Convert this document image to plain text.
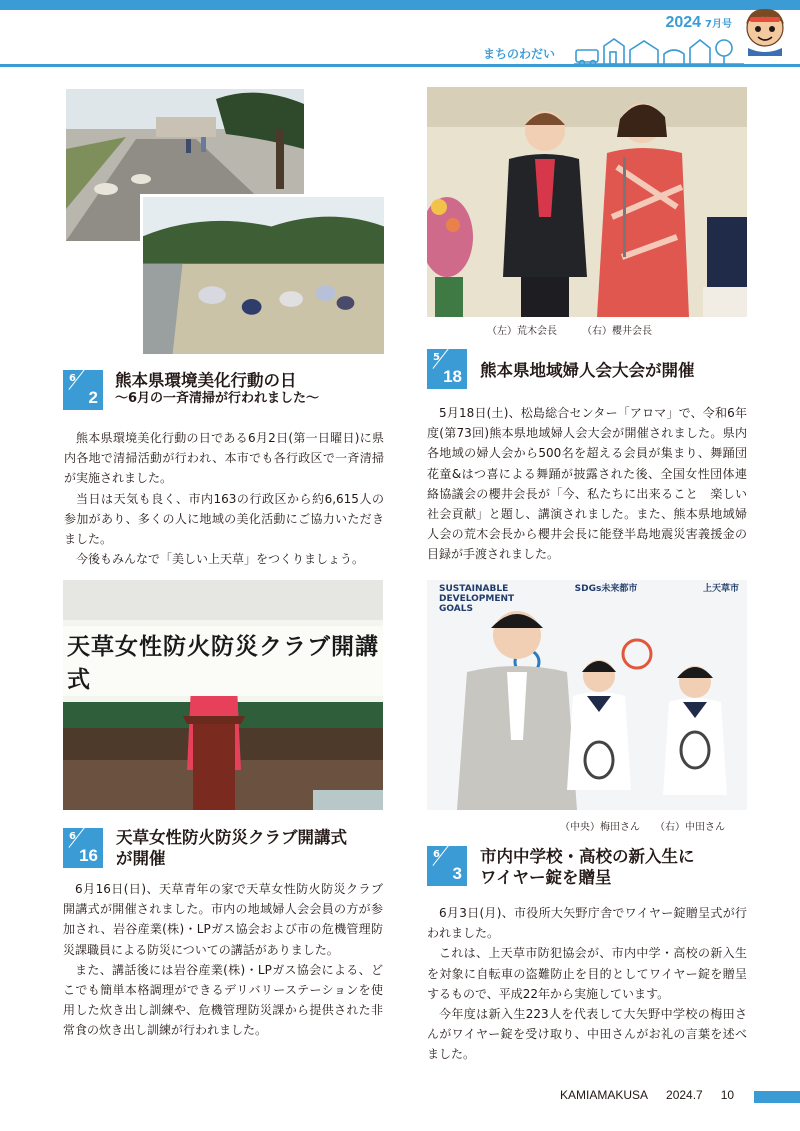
2024 7月号
まちのわだい
6
2
熊本県環境美化行動の日
～6月の一斉清掃が行われました～

熊本県環境美化行動の日である6月2日(第一日曜日)に県内各地で清掃活動が行われ、本市でも各行政区で一斉清掃が実施されました。

当日は天気も良く、市内163の行政区から約6,615人の参加があり、多くの人に地域の美化活動にご協力いただきました。

今後もみんなで「美しい上天草」をつくりましょう。

（左）荒木会長　　　（右）櫻井会長
5
18 熊本県地域婦人会大会が開催

5月18日(土)、松島総合センター「アロマ」で、令和6年度(第73回)熊本県地域婦人会大会が開催されました。県内各地域の婦人会から500名を超える会員が集まり、舞踊団花童&はつ喜による舞踊が披露された後、全国女性団体連絡協議会の櫻井会長が「今、私たちに出来ること　楽しい社会貢献」と題し、講演されました。また、熊本県地域婦人会の荒木会長から櫻井会長に能登半島地震災害義援金の目録が手渡されました。

天草女性防火防災クラブ開講式
6
16
天草女性防火防災クラブ開講式
が開催

6月16日(日)、天草青年の家で天草女性防火防災クラブ開講式が開催されました。市内の地域婦人会会員の方が参加され、岩谷産業(株)・LPガス協会および市の危機管理防災課職員による防災についての講話がありました。

また、講話後には岩谷産業(株)・LPガス協会による、どこでも簡単本格調理ができるデリバリーステーションを使用した炊き出し訓練や、危機管理防災課から提供された非常食の炊き出し訓練が行われました。

SUSTAINABLE DEVELOPMENT GOALS
SDGs未来都市	上天草市
（中央）梅田さん　　（右）中田さん
6
3
市内中学校・高校の新入生に
ワイヤー錠を贈呈

6月3日(月)、市役所大矢野庁舎でワイヤー錠贈呈式が行われました。

これは、上天草市防犯協会が、市内中学・高校の新入生を対象に自転車の盗難防止を目的としてワイヤー錠を贈呈するもので、平成22年から実施しています。

今年度は新入生223人を代表して大矢野中学校の梅田さんがワイヤー錠を受け取り、中田さんがお礼の言葉を述べました。

KAMIAMAKUSA 2024.7 10
